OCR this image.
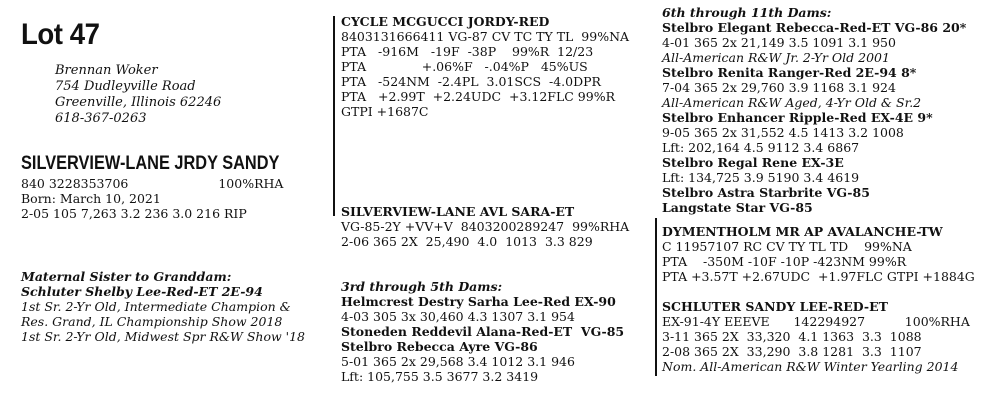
Lot 47
Brennan Woker
754 Dudleyville Road
Greenville, Illinois 62246
618-367-0263
SILVERVIEW-LANE JRDY SANDY
840 3228353706	100%RHA
Born: March 10, 2021
2-05 105 7,263 3.2 236 3.0 216 RIP
Maternal Sister to Granddam:
Schluter Shelby Lee-Red-ET 2E-94
1st Sr. 2-Yr Old, Intermediate Champion &
Res. Grand, IL Championship Show 2018
1st Sr. 2-Yr Old, Midwest Spr R&W Show '18
CYCLE MCGUCCI JORDY-RED
8403131666411 VG-87 CV TC TY TL  99%NA
PTA   -916M   -19F  -38P    99%R  12/23
PTA              +.06%F   -.04%P   45%US
PTA   -524NM  -2.4PL  3.01SCS  -4.0DPR
PTA   +2.99T  +2.24UDC  +3.12FLC 99%R
GTPI +1687C
SILVERVIEW-LANE AVL SARA-ET
VG-85-2Y +VV+V  8403200289247  99%RHA
2-06 365 2X  25,490  4.0  1013  3.3 829
3rd through 5th Dams:
Helmcrest Destry Sarha Lee-Red EX-90
4-03 305 3x 30,460 4.3 1307 3.1 954
Stoneden Reddevil Alana-Red-ET  VG-85
Stelbro Rebecca Ayre VG-86
5-01 365 2x 29,568 3.4 1012 3.1 946
Lft: 105,755 3.5 3677 3.2 3419
6th through 11th Dams:
Stelbro Elegant Rebecca-Red-ET VG-86 20*
4-01 365 2x 21,149 3.5 1091 3.1 950
All-American R&W Jr. 2-Yr Old 2001
Stelbro Renita Ranger-Red 2E-94 8*
7-04 365 2x 29,760 3.9 1168 3.1 924
All-American R&W Aged, 4-Yr Old & Sr.2
Stelbro Enhancer Ripple-Red EX-4E 9*
9-05 365 2x 31,552 4.5 1413 3.2 1008
Lft: 202,164 4.5 9112 3.4 6867
Stelbro Regal Rene EX-3E
Lft: 134,725 3.9 5190 3.4 4619
Stelbro Astra Starbrite VG-85
Langstate Star VG-85
DYMENTHOLM MR AP AVALANCHE-TW
C 11957107 RC CV TY TL TD    99%NA
PTA    -350M -10F -10P -423NM 99%R
PTA +3.57T +2.67UDC  +1.97FLC GTPI +1884G
SCHLUTER SANDY LEE-RED-ET
EX-91-4Y EEEVE      142294927          100%RHA
3-11 365 2X  33,320  4.1 1363  3.3  1088
2-08 365 2X  33,290  3.8 1281  3.3  1107
Nom. All-American R&W Winter Yearling 2014
